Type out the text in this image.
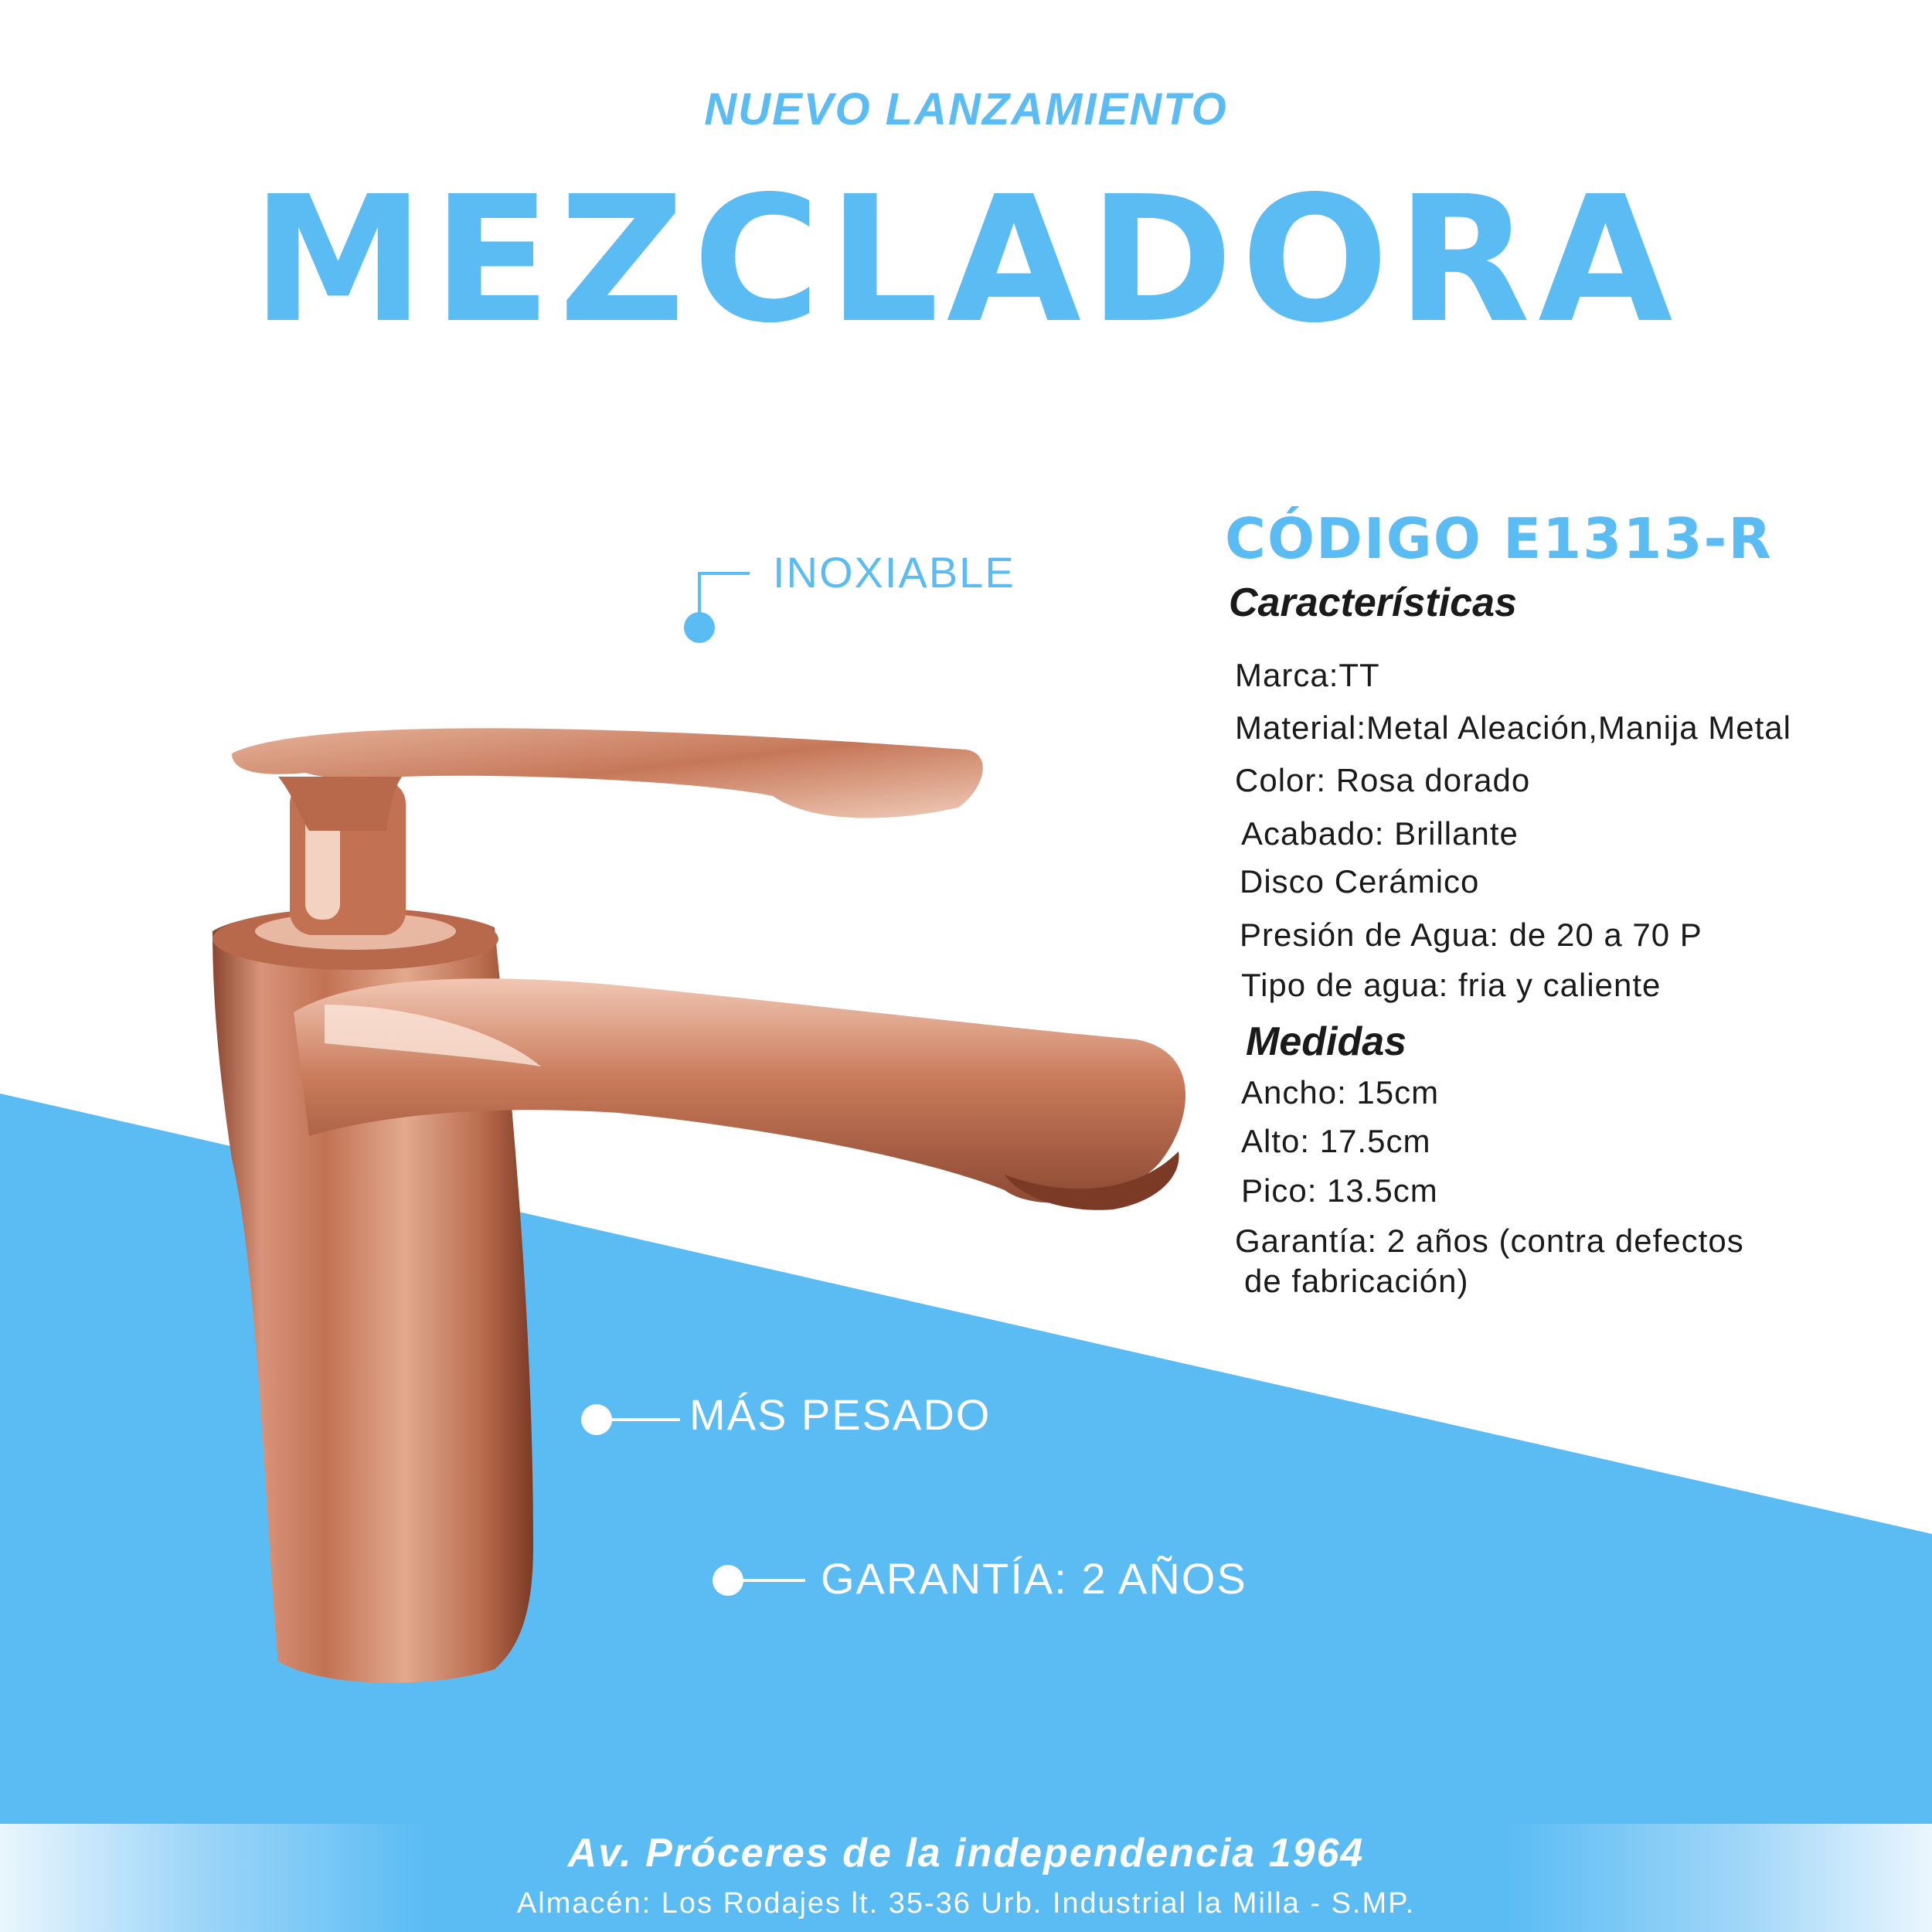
NUEVO LANZAMIENTO
MEZCLADORA
INOXIABLE
MÁS PESADO
GARANTÍA: 2 AÑOS
CÓDIGO E1313-R
Características
Marca:TT
Material:Metal Aleación,Manija Metal
Color: Rosa dorado
Acabado: Brillante
Disco Cerámico
Presión de Agua: de 20 a 70 P
Tipo de agua: fria y caliente
Medidas
Ancho: 15cm
Alto: 17.5cm
Pico: 13.5cm
Garantía: 2 años (contra defectos
de fabricación)
Av. Próceres de la independencia 1964
Almacén: Los Rodajes lt. 35-36 Urb. Industrial la Milla - S.MP.
